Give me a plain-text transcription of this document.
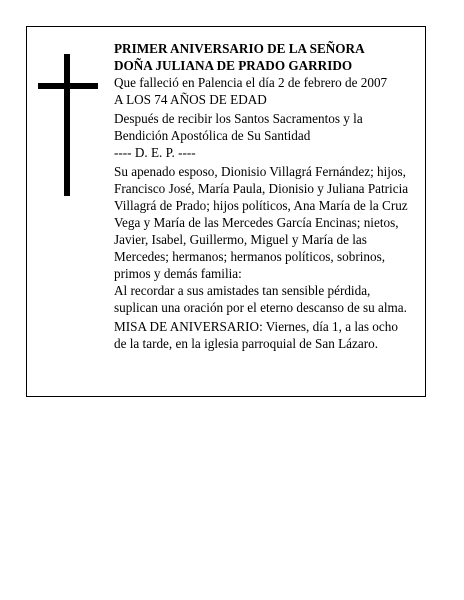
PRIMER ANIVERSARIO DE LA SEÑORA

DOÑA JULIANA DE PRADO GARRIDO

Que falleció en Palencia el día 2 de febrero de 2007

A LOS 74 AÑOS DE EDAD

Después de recibir los Santos Sacramentos y la

Bendición Apostólica de Su Santidad

---- D. E. P. ----

Su apenado esposo, Dionisio Villagrá Fernández; hijos,

Francisco José, María Paula, Dionisio y Juliana Patricia

Villagrá de Prado; hijos políticos, Ana María de la Cruz

Vega y María de las Mercedes García Encinas; nietos,

Javier, Isabel, Guillermo, Miguel y María de las

Mercedes; hermanos; hermanos políticos, sobrinos,

primos y demás familia:

Al recordar a sus amistades tan sensible pérdida,

suplican una oración por el eterno descanso de su alma.

MISA DE ANIVERSARIO: Viernes, día 1, a las ocho

de la tarde, en la iglesia parroquial de San Lázaro.
